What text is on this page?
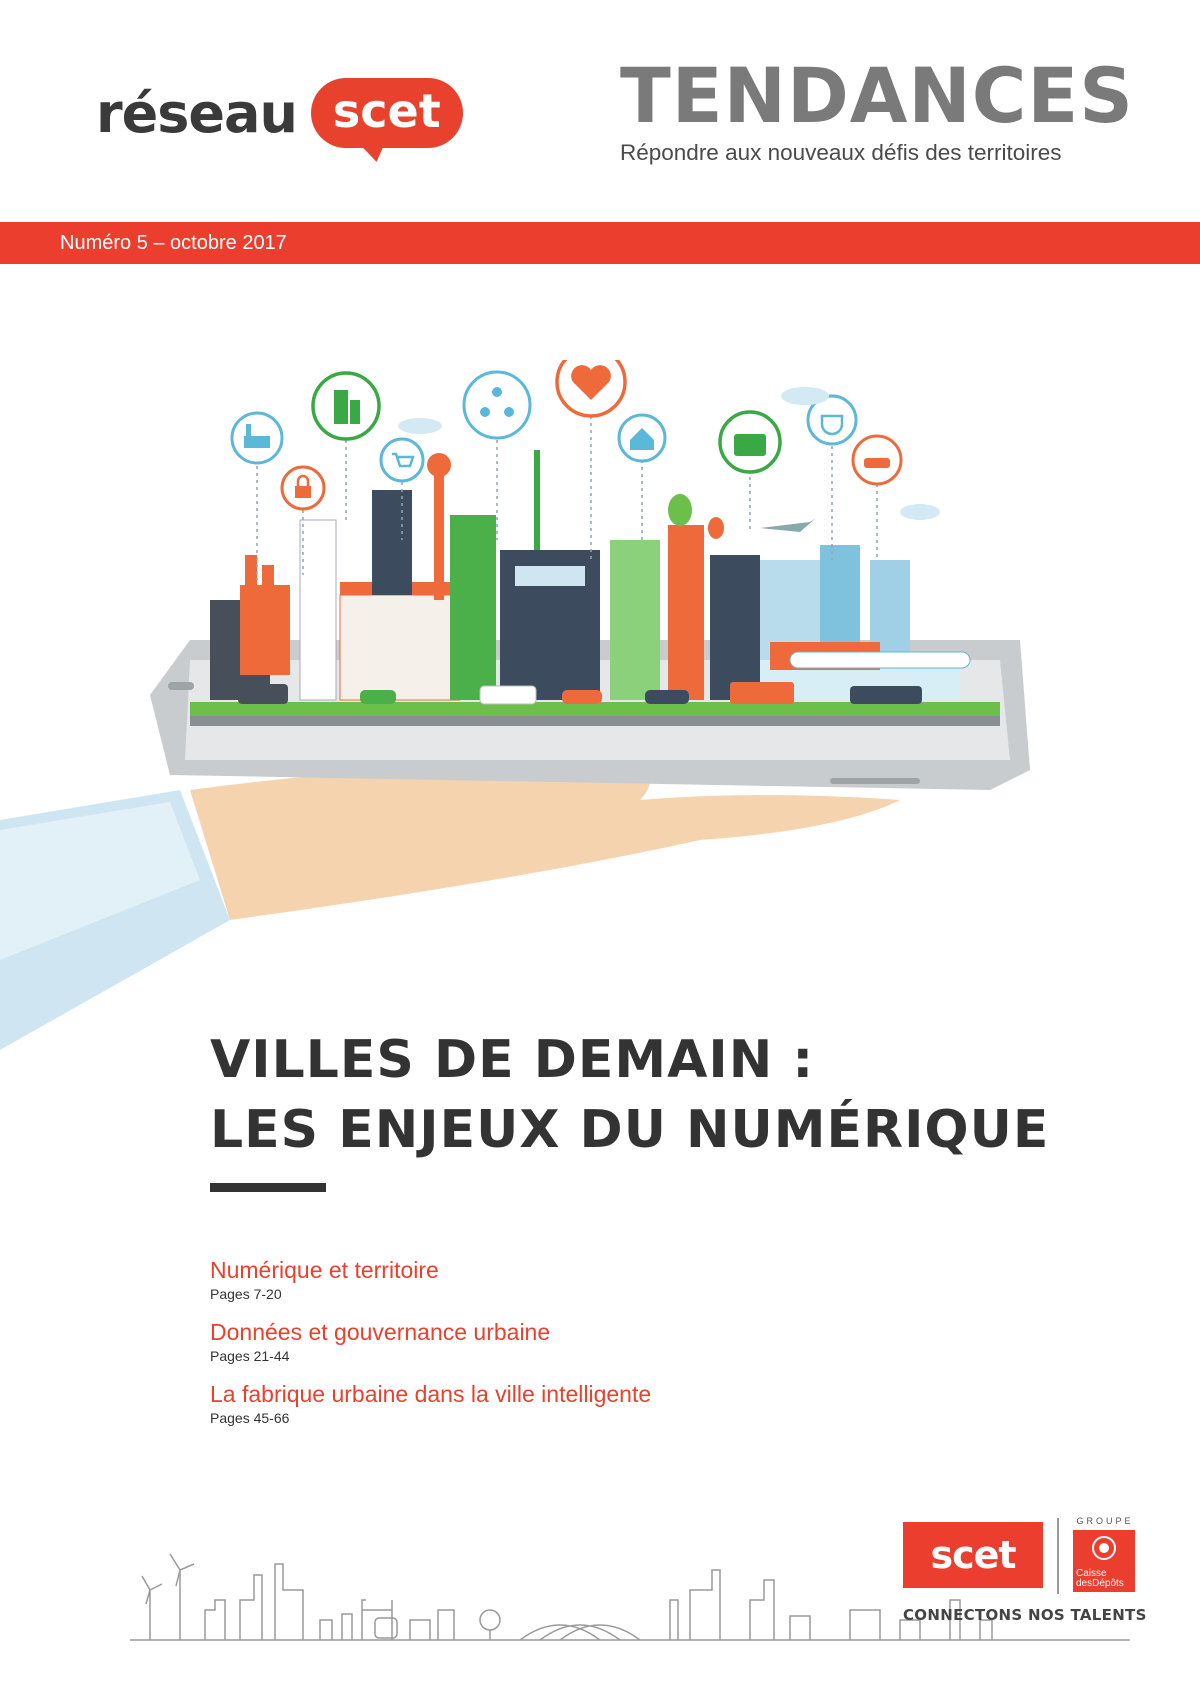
réseau scet TENDANCES
Répondre aux nouveaux défis des territoires
Numéro 5 – octobre 2017
VILLES DE DEMAIN :
LES ENJEUX DU NUMÉRIQUE
Numérique et territoire
Pages 7-20
Données et gouvernance urbaine
Pages 21-44
La fabrique urbaine dans la ville intelligente
Pages 45-66
scet
GROUPE
Caisse
desDépôts
CONNECTONS NOS TALENTS
